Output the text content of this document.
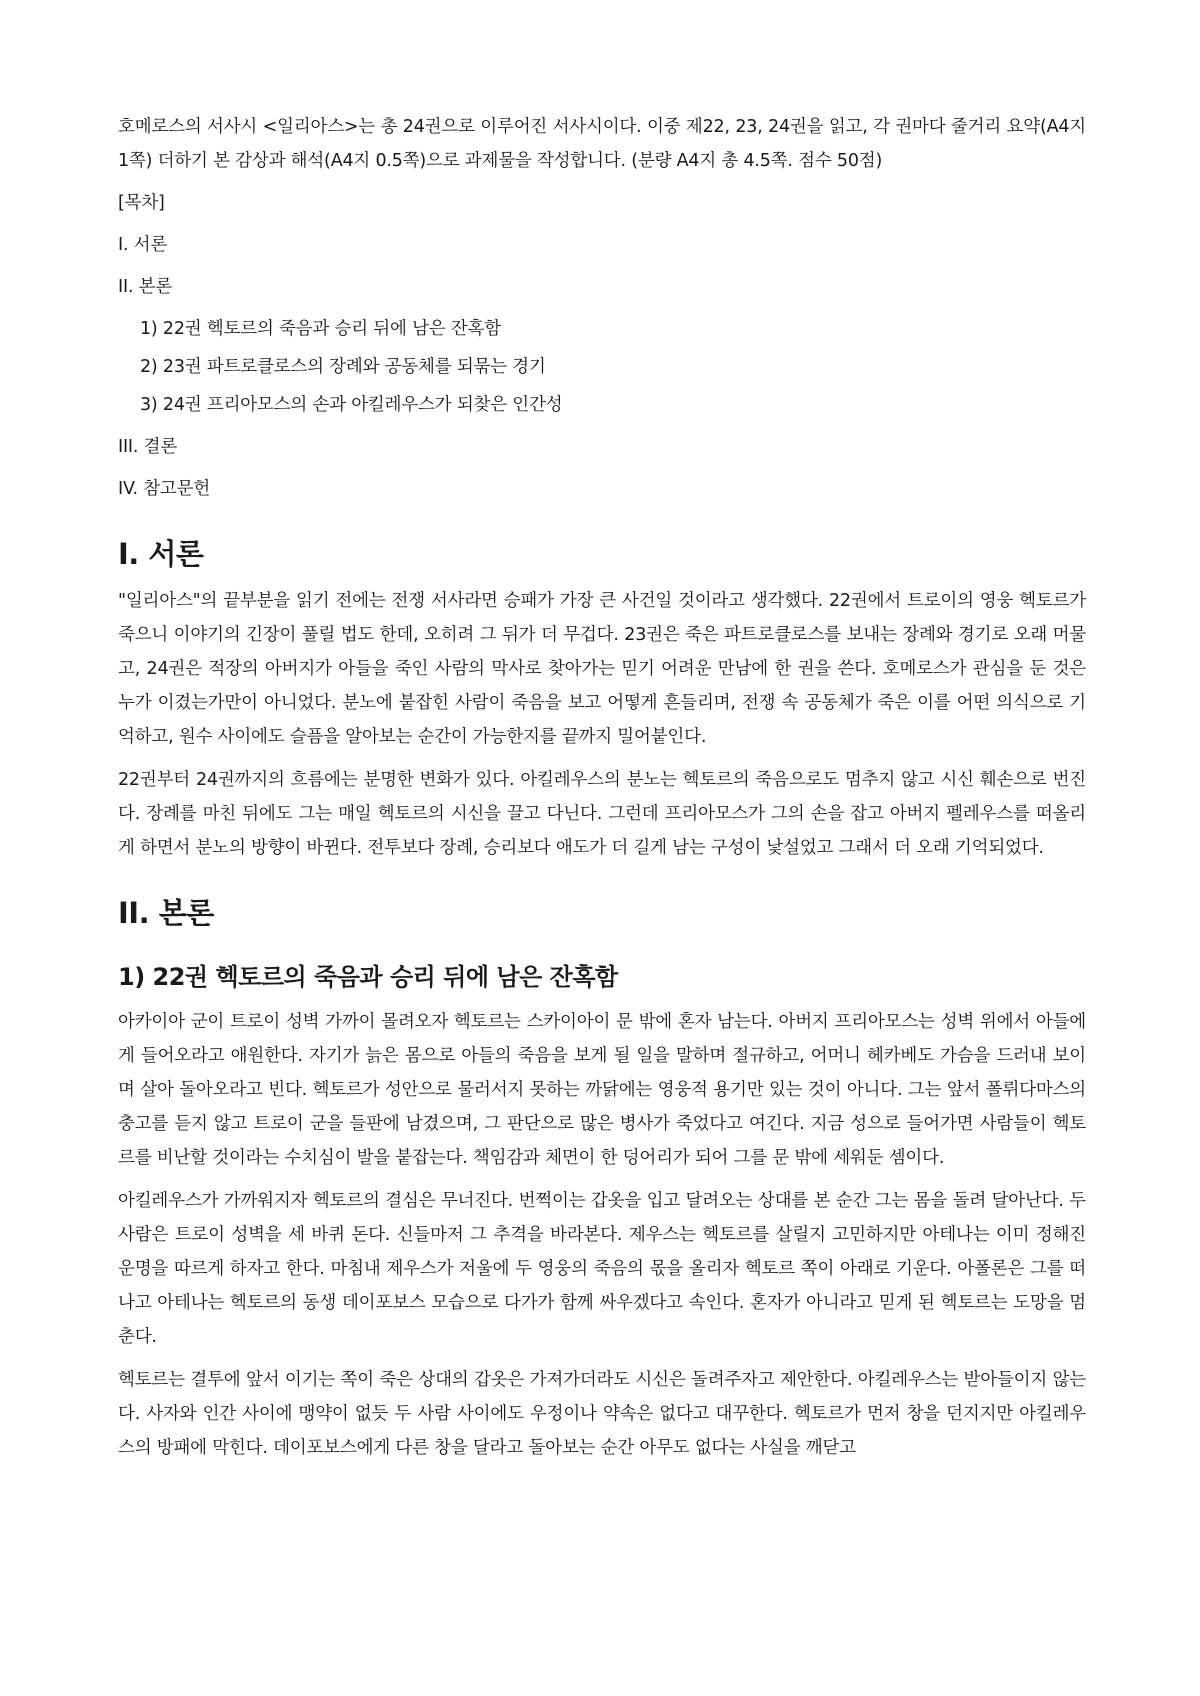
호메로스의 서사시 <일리아스>는 총 24권으로 이루어진 서사시이다. 이중 제22, 23, 24권을 읽고, 각 권마다 줄거리 요약(A4지 1쪽) 더하기 본 감상과 해석(A4지 0.5쪽)으로 과제물을 작성합니다. (분량 A4지 총 4.5쪽. 점수 50점)

[목차]

I. 서론
II. 본론
1) 22권 헥토르의 죽음과 승리 뒤에 남은 잔혹함
2) 23권 파트로클로스의 장례와 공동체를 되묶는 경기
3) 24권 프리아모스의 손과 아킬레우스가 되찾은 인간성
III. 결론
IV. 참고문헌
I. 서론

"일리아스"의 끝부분을 읽기 전에는 전쟁 서사라면 승패가 가장 큰 사건일 것이라고 생각했다. 22권에서 트로이의 영웅 헥토르가 죽으니 이야기의 긴장이 풀릴 법도 한데, 오히려 그 뒤가 더 무겁다. 23권은 죽은 파트로클로스를 보내는 장례와 경기로 오래 머물고, 24권은 적장의 아버지가 아들을 죽인 사람의 막사로 찾아가는 믿기 어려운 만남에 한 권을 쓴다. 호메로스가 관심을 둔 것은 누가 이겼는가만이 아니었다. 분노에 붙잡힌 사람이 죽음을 보고 어떻게 흔들리며, 전쟁 속 공동체가 죽은 이를 어떤 의식으로 기억하고, 원수 사이에도 슬픔을 알아보는 순간이 가능한지를 끝까지 밀어붙인다.

22권부터 24권까지의 흐름에는 분명한 변화가 있다. 아킬레우스의 분노는 헥토르의 죽음으로도 멈추지 않고 시신 훼손으로 번진다. 장례를 마친 뒤에도 그는 매일 헥토르의 시신을 끌고 다닌다. 그런데 프리아모스가 그의 손을 잡고 아버지 펠레우스를 떠올리게 하면서 분노의 방향이 바뀐다. 전투보다 장례, 승리보다 애도가 더 길게 남는 구성이 낯설었고 그래서 더 오래 기억되었다.

II. 본론
1) 22권 헥토르의 죽음과 승리 뒤에 남은 잔혹함

아카이아 군이 트로이 성벽 가까이 몰려오자 헥토르는 스카이아이 문 밖에 혼자 남는다. 아버지 프리아모스는 성벽 위에서 아들에게 들어오라고 애원한다. 자기가 늙은 몸으로 아들의 죽음을 보게 될 일을 말하며 절규하고, 어머니 헤카베도 가슴을 드러내 보이며 살아 돌아오라고 빈다. 헥토르가 성안으로 물러서지 못하는 까닭에는 영웅적 용기만 있는 것이 아니다. 그는 앞서 폴뤼다마스의 충고를 듣지 않고 트로이 군을 들판에 남겼으며, 그 판단으로 많은 병사가 죽었다고 여긴다. 지금 성으로 들어가면 사람들이 헥토르를 비난할 것이라는 수치심이 발을 붙잡는다. 책임감과 체면이 한 덩어리가 되어 그를 문 밖에 세워둔 셈이다.

아킬레우스가 가까워지자 헥토르의 결심은 무너진다. 번쩍이는 갑옷을 입고 달려오는 상대를 본 순간 그는 몸을 돌려 달아난다. 두 사람은 트로이 성벽을 세 바퀴 돈다. 신들마저 그 추격을 바라본다. 제우스는 헥토르를 살릴지 고민하지만 아테나는 이미 정해진 운명을 따르게 하자고 한다. 마침내 제우스가 저울에 두 영웅의 죽음의 몫을 올리자 헥토르 쪽이 아래로 기운다. 아폴론은 그를 떠나고 아테나는 헥토르의 동생 데이포보스 모습으로 다가가 함께 싸우겠다고 속인다. 혼자가 아니라고 믿게 된 헥토르는 도망을 멈춘다.

헥토르는 결투에 앞서 이기는 쪽이 죽은 상대의 갑옷은 가져가더라도 시신은 돌려주자고 제안한다. 아킬레우스는 받아들이지 않는다. 사자와 인간 사이에 맹약이 없듯 두 사람 사이에도 우정이나 약속은 없다고 대꾸한다. 헥토르가 먼저 창을 던지지만 아킬레우스의 방패에 막힌다. 데이포보스에게 다른 창을 달라고 돌아보는 순간 아무도 없다는 사실을 깨닫고
